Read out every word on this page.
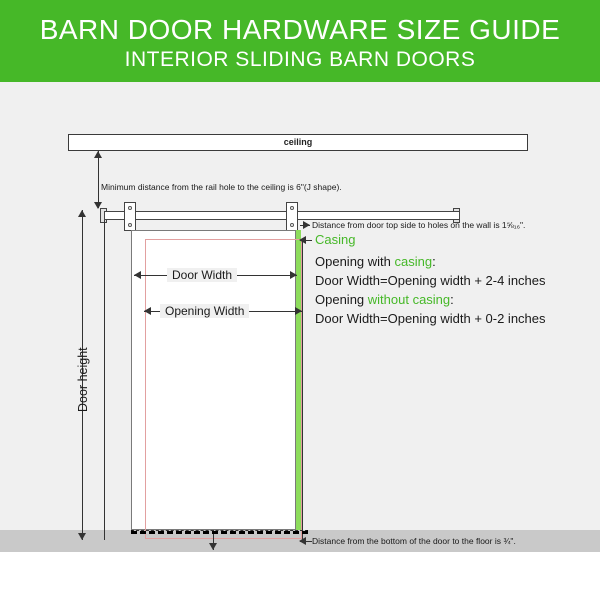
BARN DOOR HARDWARE SIZE GUIDE
INTERIOR SLIDING BARN DOORS
ceiling
Minimum distance from the rail hole to the ceiling is 6"(J shape).
Distance from door top side to holes on the wall is 1⅝₁₆".
Door height
Door Width
Opening Width
Casing
Opening with casing:
Door Width=Opening width + 2-4 inches
Opening without casing:
Door Width=Opening width + 0-2 inches
Distance from the bottom of the door to the floor is ¾".
